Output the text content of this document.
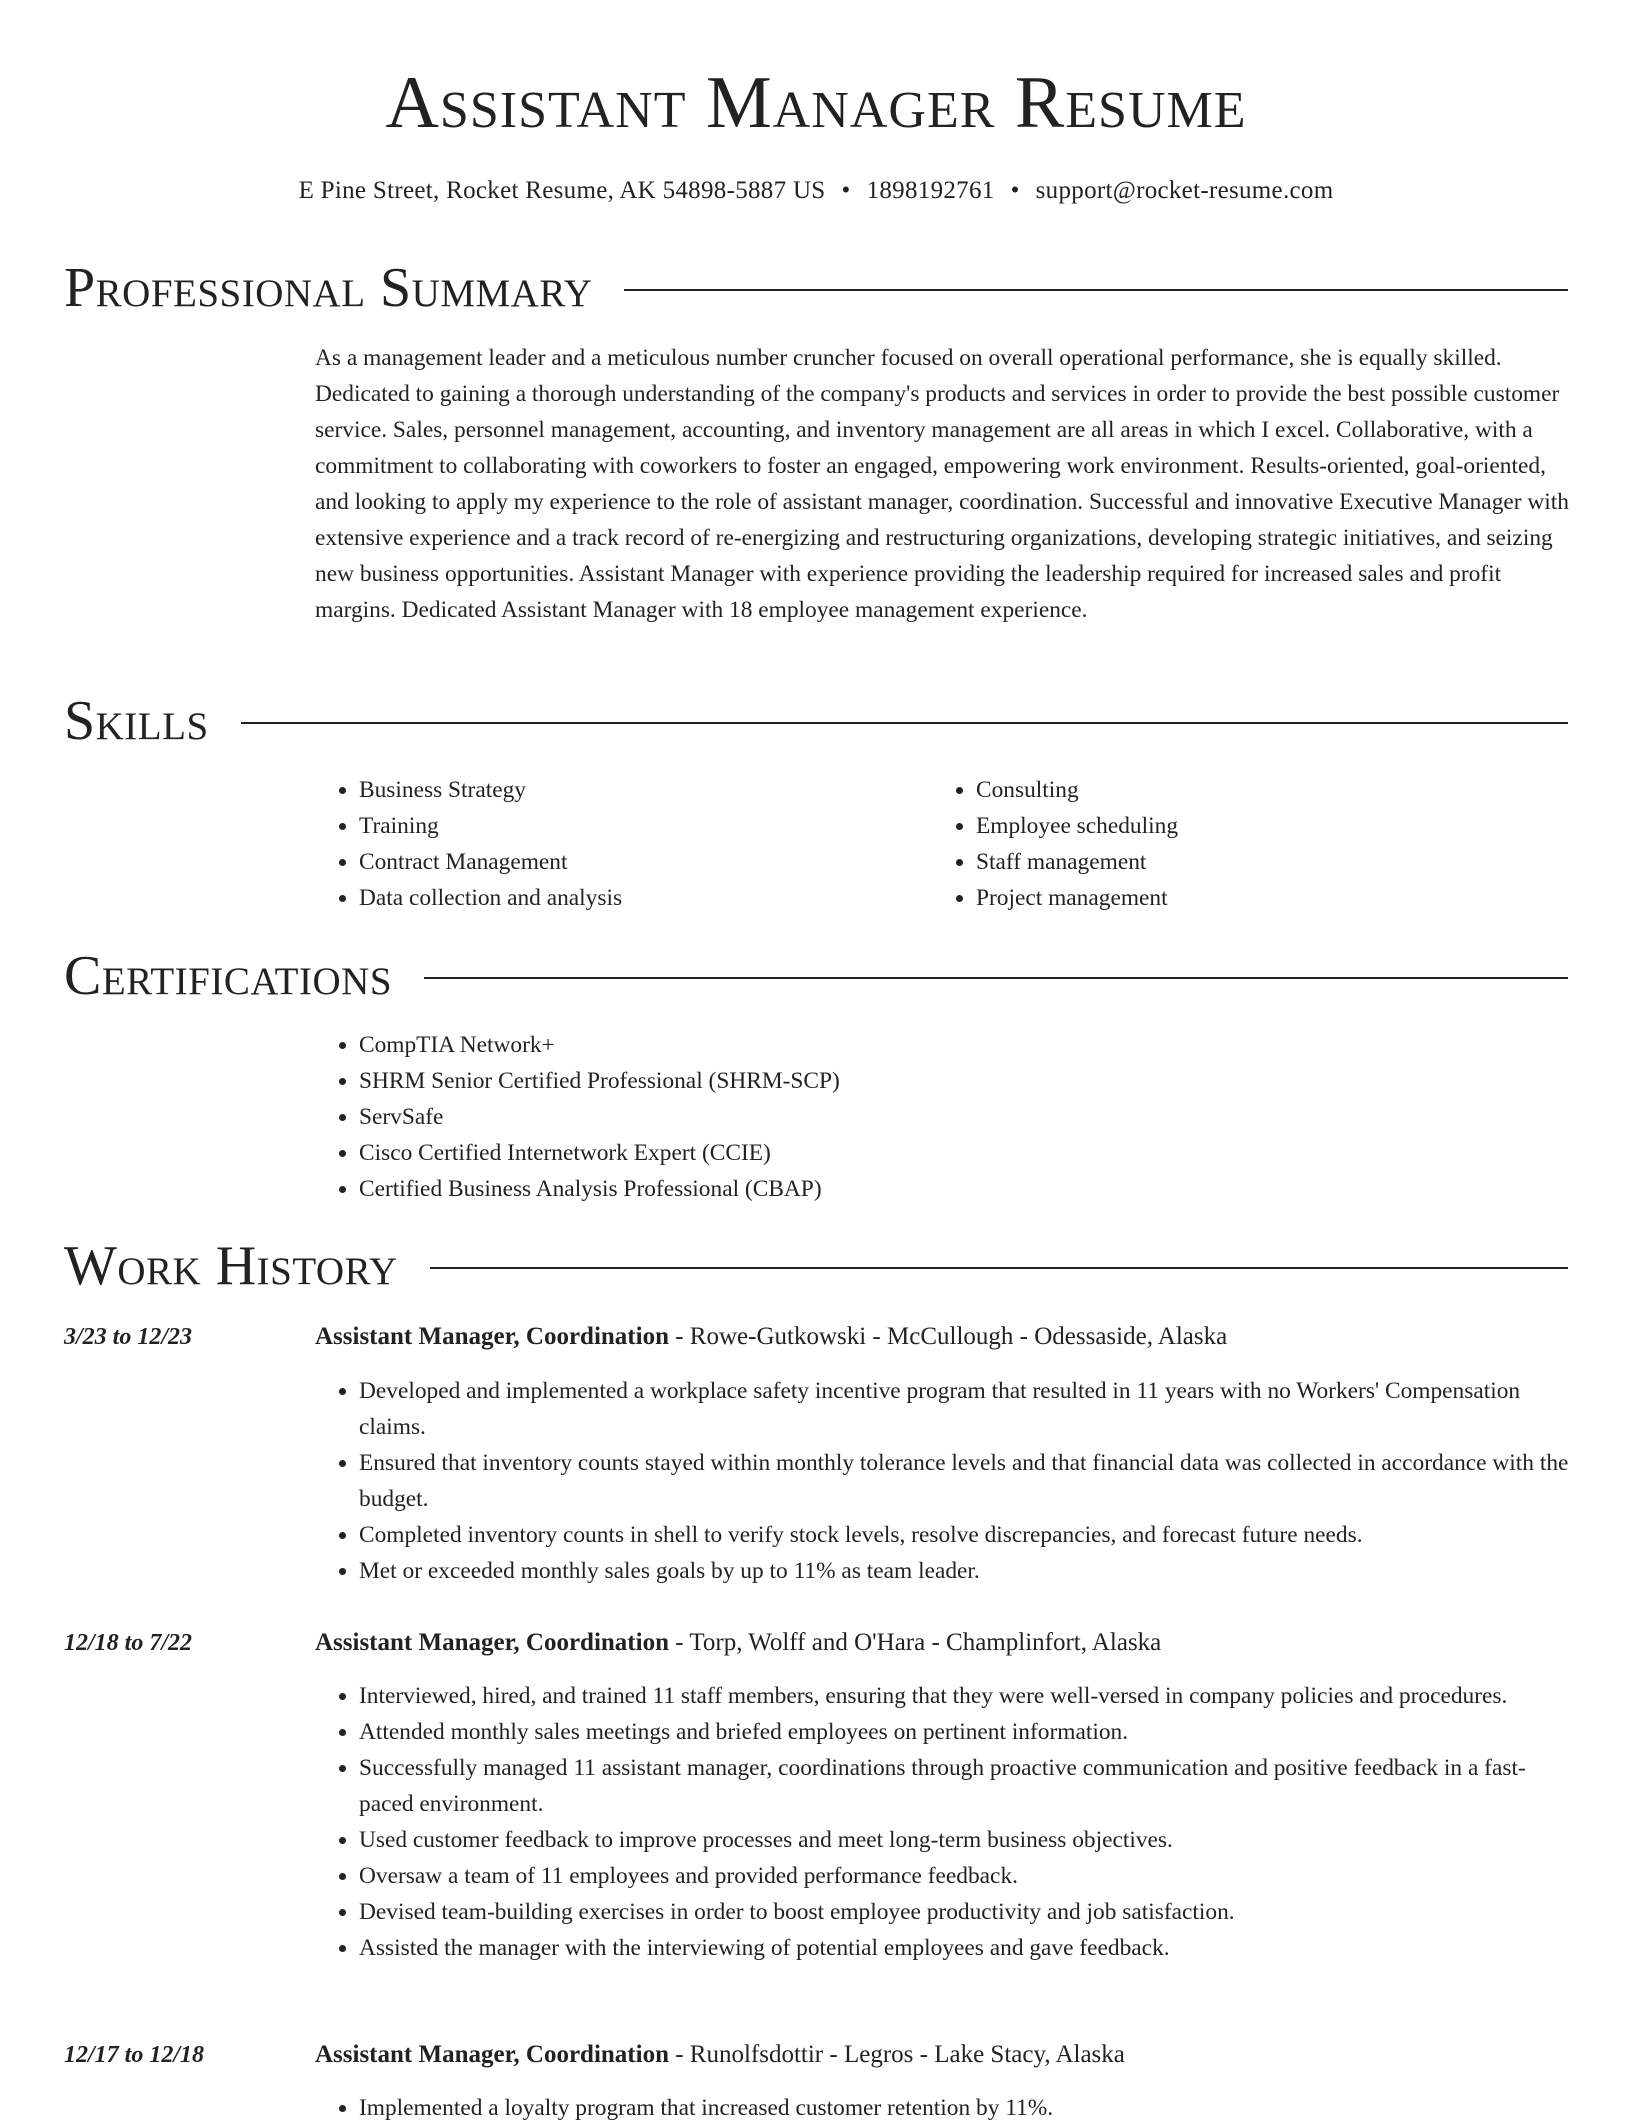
Assistant Manager Resume
E Pine Street, Rocket Resume, AK 54898-5887 US • 1898192761 • support@rocket-resume.com
Professional Summary

As a management leader and a meticulous number cruncher focused on overall operational performance, she is equally skilled. Dedicated to gaining a thorough understanding of the company's products and services in order to provide the best possible customer service. Sales, personnel management, accounting, and inventory management are all areas in which I excel. Collaborative, with a commitment to collaborating with coworkers to foster an engaged, empowering work environment. Results-oriented, goal-oriented, and looking to apply my experience to the role of assistant manager, coordination. Successful and innovative Executive Manager with extensive experience and a track record of re-energizing and restructuring organizations, developing strategic initiatives, and seizing new business opportunities. Assistant Manager with experience providing the leadership required for increased sales and profit margins. Dedicated Assistant Manager with 18 employee management experience.

Skills
• Business Strategy
• Training
• Contract Management
• Data collection and analysis
• Consulting
• Employee scheduling
• Staff management
• Project management
Certifications
• CompTIA Network+
• SHRM Senior Certified Professional (SHRM-SCP)
• ServSafe
• Cisco Certified Internetwork Expert (CCIE)
• Certified Business Analysis Professional (CBAP)
Work History
3/23 to 12/23	Assistant Manager, Coordination - Rowe-Gutkowski - McCullough - Odessaside, Alaska
• Developed and implemented a workplace safety incentive program that resulted in 11 years with no Workers' Compensation claims.
• Ensured that inventory counts stayed within monthly tolerance levels and that financial data was collected in accordance with the budget.
• Completed inventory counts in shell to verify stock levels, resolve discrepancies, and forecast future needs.
• Met or exceeded monthly sales goals by up to 11% as team leader.
12/18 to 7/22	Assistant Manager, Coordination - Torp, Wolff and O'Hara - Champlinfort, Alaska
• Interviewed, hired, and trained 11 staff members, ensuring that they were well-versed in company policies and procedures.
• Attended monthly sales meetings and briefed employees on pertinent information.
• Successfully managed 11 assistant manager, coordinations through proactive communication and positive feedback in a fast-paced environment.
• Used customer feedback to improve processes and meet long-term business objectives.
• Oversaw a team of 11 employees and provided performance feedback.
• Devised team-building exercises in order to boost employee productivity and job satisfaction.
• Assisted the manager with the interviewing of potential employees and gave feedback.
12/17 to 12/18	Assistant Manager, Coordination - Runolfsdottir - Legros - Lake Stacy, Alaska
• Implemented a loyalty program that increased customer retention by 11%.
